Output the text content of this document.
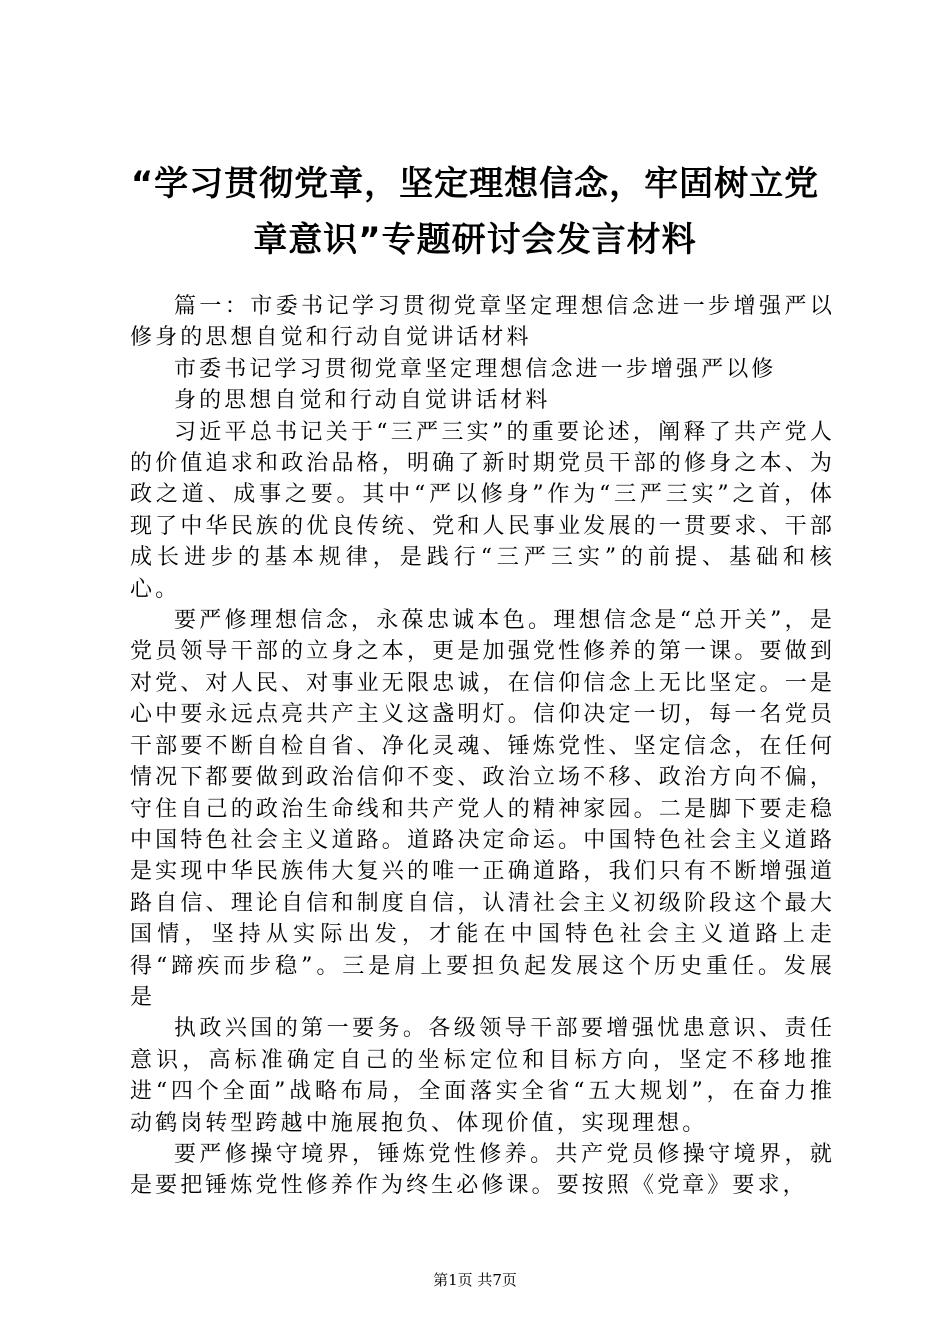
“学习贯彻党章，坚定理想信念，牢固树立党
章意识”专题研讨会发言材料

篇一：市委书记学习贯彻党章坚定理想信念进一步增强严以修身的思想自觉和行动自觉讲话材料

市委书记学习贯彻党章坚定理想信念进一步增强严以修

身的思想自觉和行动自觉讲话材料

习近平总书记关于“三严三实”的重要论述，阐释了共产党人的价值追求和政治品格，明确了新时期党员干部的修身之本、为政之道、成事之要。其中“严以修身”作为“三严三实”之首，体现了中华民族的优良传统、党和人民事业发展的一贯要求、干部成长进步的基本规律，是践行“三严三实”的前提、基础和核心。

要严修理想信念，永葆忠诚本色。理想信念是“总开关”，是党员领导干部的立身之本，更是加强党性修养的第一课。要做到对党、对人民、对事业无限忠诚，在信仰信念上无比坚定。一是心中要永远点亮共产主义这盏明灯。信仰决定一切，每一名党员干部要不断自检自省、净化灵魂、锤炼党性、坚定信念，在任何情况下都要做到政治信仰不变、政治立场不移、政治方向不偏，守住自己的政治生命线和共产党人的精神家园。二是脚下要走稳中国特色社会主义道路。道路决定命运。中国特色社会主义道路是实现中华民族伟大复兴的唯一正确道路，我们只有不断增强道路自信、理论自信和制度自信，认清社会主义初级阶段这个最大国情，坚持从实际出发，才能在中国特色社会主义道路上走得“蹄疾而步稳”。三是肩上要担负起发展这个历史重任。发展是

执政兴国的第一要务。各级领导干部要增强忧患意识、责任意识，高标准确定自己的坐标定位和目标方向，坚定不移地推进“四个全面”战略布局，全面落实全省“五大规划”，在奋力推动鹤岗转型跨越中施展抱负、体现价值，实现理想。

要严修操守境界，锤炼党性修养。共产党员修操守境界，就是要把锤炼党性修养作为终生必修课。要按照《党章》要求，

第1页 共7页
